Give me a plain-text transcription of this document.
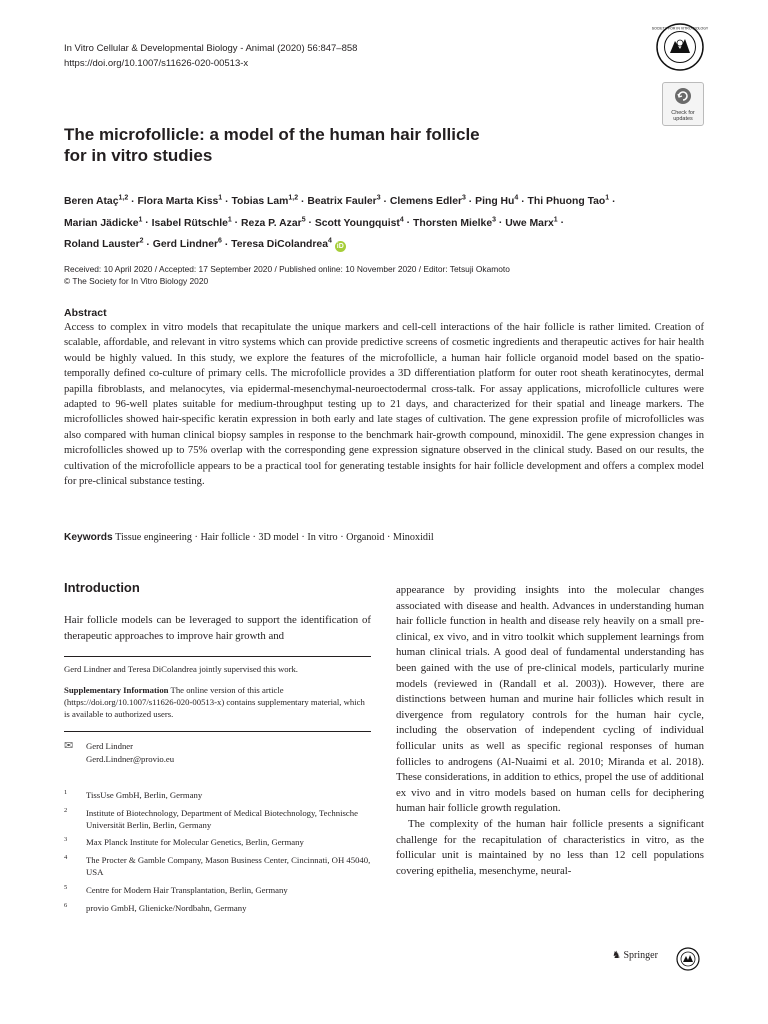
In Vitro Cellular & Developmental Biology - Animal (2020) 56:847–858
https://doi.org/10.1007/s11626-020-00513-x
SOCIETY FOR IN VITRO BIOLOGY
Check for
updates
The microfollicle: a model of the human hair follicle
for in vitro studies
Beren Ataç$^{1,2}$ · Flora Marta Kiss$^1$ · Tobias Lam$^{1,2}$ · Beatrix Fauler$^3$ · Clemens Edler$^3$ · Ping $Hu^4$ · Thi Phuong Tao$^1$ ·
Marian Jädicke$^1$ · Isabel Rütschle$^1$ · Reza P. Azar$^5$ · Scott Youngquist$^4$ · Thorsten Mielke$^3$ · Uwe Marx$^1$ ·
Roland Lauster$^2$ · Gerd Lindner$^6$ · Teresa DiColandrea$^4$ iD
Received: 10 April 2020 / Accepted: 17 September 2020 / Published online: 10 November 2020 / Editor: Tetsuji Okamoto
© The Society for In Vitro Biology 2020
Abstract
Access to complex in vitro models that recapitulate the unique markers and cell-cell interactions of the hair follicle is rather limited. Creation of scalable, affordable, and relevant in vitro systems which can provide predictive screens of cosmetic ingredients and therapeutic actives for hair health would be highly valued. In this study, we explore the features of the microfollicle, a human hair follicle organoid model based on the spatio-temporally defined co-culture of primary cells. The microfollicle provides a 3D differentiation platform for outer root sheath keratinocytes, dermal papilla fibroblasts, and melanocytes, via epidermal-mesenchymal-neuroectodermal cross-talk. For assay applications, microfollicle cultures were adapted to 96-well plates suitable for medium-throughput testing up to 21 days, and characterized for their spatial and lineage markers. The microfollicles showed hair-specific keratin expression in both early and late stages of cultivation. The gene expression profile of microfollicles was also compared with human clinical biopsy samples in response to the benchmark hair-growth compound, minoxidil. The gene expression changes in microfollicles showed up to 75% overlap with the corresponding gene expression signature observed in the clinical study. Based on our results, the cultivation of the microfollicle appears to be a practical tool for generating testable insights for hair follicle development and offers a complex model for pre-clinical substance testing.
Keywords Tissue engineering · Hair follicle · 3D model · In vitro · Organoid · Minoxidil
Introduction
Hair follicle models can be leveraged to support the identification of therapeutic approaches to improve hair growth and
Gerd Lindner and Teresa DiColandrea jointly supervised this work.
Supplementary Information The online version of this article (https://doi.org/10.1007/s11626-020-00513-x) contains supplementary material, which is available to authorized users.
✉	Gerd Lindner
Gerd.Lindner@provio.eu
1 TissUse GmbH, Berlin, Germany
2 Institute of Biotechnology, Department of Medical Biotechnology, Technische Universität Berlin, Berlin, Germany
3 Max Planck Institute for Molecular Genetics, Berlin, Germany
4 The Procter & Gamble Company, Mason Business Center, Cincinnati, OH 45040, USA
5 Centre for Modern Hair Transplantation, Berlin, Germany
6 provio GmbH, Glienicke/Nordbahn, Germany

appearance by providing insights into the molecular changes associated with disease and health. Advances in understanding human hair follicle function in health and disease rely heavily on a small pre-clinical, ex vivo, and in vitro toolkit which supplement learnings from human clinical trials. A good deal of fundamental understanding has been gained with the use of pre-clinical models, particularly murine models (reviewed in (Randall et al. 2003)). However, there are distinctions between human and murine hair follicles which result in divergence from regulatory controls for the human hair cycle, including the observation of independent cycling of individual follicular units as well as specific regional responses of human follicles to androgens (Al-Nuaimi et al. 2010; Miranda et al. 2018). These considerations, in addition to ethics, propel the use of additional ex vivo and in vitro models based on human cells for deciphering human hair follicle growth regulation.

The complexity of the human hair follicle presents a significant challenge for the recapitulation of characteristics in vitro, as the follicular unit is maintained by no less than 12 cell populations covering epithelia, mesenchyme, neural-

♞ Springer
